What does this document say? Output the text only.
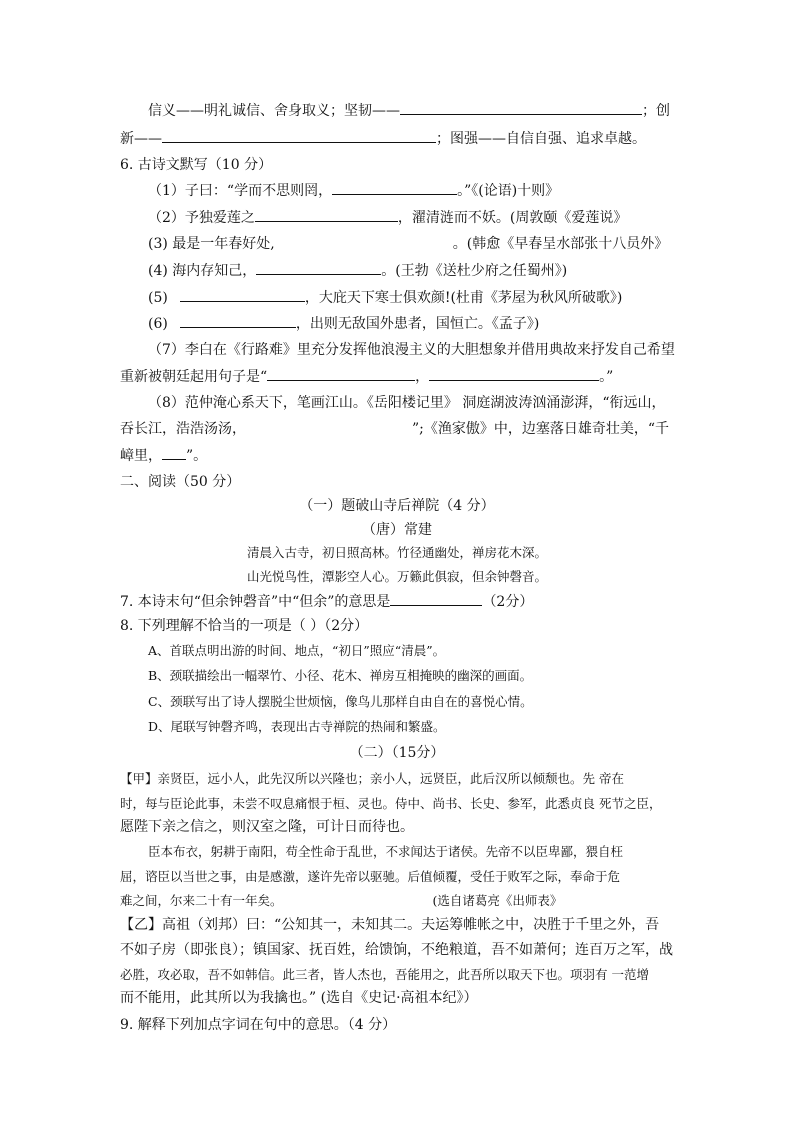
信义——明礼诚信、舍身取义；坚韧——	；创
新——	；图强——自信自强、追求卓越。
6. 古诗文默写（10 分）
（1）子曰：“学而不思则罔，	。”《(论语)十则》
（2）予独爱莲之	，濯清涟而不妖。(周敦颐《爱莲说》
(3) 最是一年春好处,	。(韩愈《早春呈水部张十八员外》
(4) 海内存知己，	。(王勃《送杜少府之任蜀州》)
(5)	，大庇天下寒士俱欢颜!(杜甫《茅屋为秋风所破歌》)
(6)	，出则无敌国外患者，国恒亡。《孟子》)
（7）李白在《行路难》里充分发挥他浪漫主义的大胆想象并借用典故来抒发自己希望
重新被朝廷起用句子是“	，	。”
（8）范仲淹心系天下，笔画江山。《岳阳楼记里》 洞庭湖波涛汹涌澎湃，“衔远山，
吞长江，浩浩汤汤，	”;《渔家傲》中，边塞落日雄奇壮美，“千
嶂里， ”。
二、阅读（50 分）
（一）题破山寺后禅院（4 分）
（唐）常建
清晨入古寺，初日照高林。竹径通幽处，禅房花木深。
山光悦鸟性，潭影空人心。万籁此俱寂，但余钟磬音。
7. 本诗末句“但余钟磬音”中“但余”的意思是	（2分）
8. 下列理解不恰当的一项是（ ）（2分）
A、首联点明出游的时间、地点，“初日”照应“清晨”。
B、颈联描绘出一幅翠竹、小径、花木、禅房互相掩映的幽深的画面。
C、颈联写出了诗人摆脱尘世烦恼，像鸟儿那样自由自在的喜悦心情。
D、尾联写钟磬齐鸣，表现出古寺禅院的热闹和繁盛。
（二）（15分）
【甲】亲贤臣，远小人，此先汉所以兴隆也；亲小人，远贤臣，此后汉所以倾颓也。先 帝在
时，每与臣论此事，未尝不叹息痛恨于桓、灵也。侍中、尚书、长史、参军，此悉贞良 死节之臣，
愿陛下亲之信之，则汉室之隆，可计日而待也。
臣本布衣，躬耕于南阳，苟全性命于乱世，不求闻达于诸侯。先帝不以臣卑鄙，猥自枉
屈，谘臣以当世之事，由是感激，遂许先帝以驱驰。后值倾覆，受任于败军之际，奉命于危
难之间，尔来二十有一年矣。	(选自诸葛亮《出师表》
【乙】高祖（刘邦）曰：“公知其一，未知其二。夫运筹帷帐之中，决胜于千里之外，吾
不如子房（即张良）；镇国家、抚百姓，给馈饷，不绝粮道，吾不如萧何；连百万之军，战
必胜，攻必取，吾不如韩信。此三者，皆人杰也，吾能用之，此吾所以取天下也。项羽有 一范增
而不能用，此其所以为我擒也。” (选自《史记·高祖本纪》）
9. 解释下列加点字词在句中的意思。（4 分）
